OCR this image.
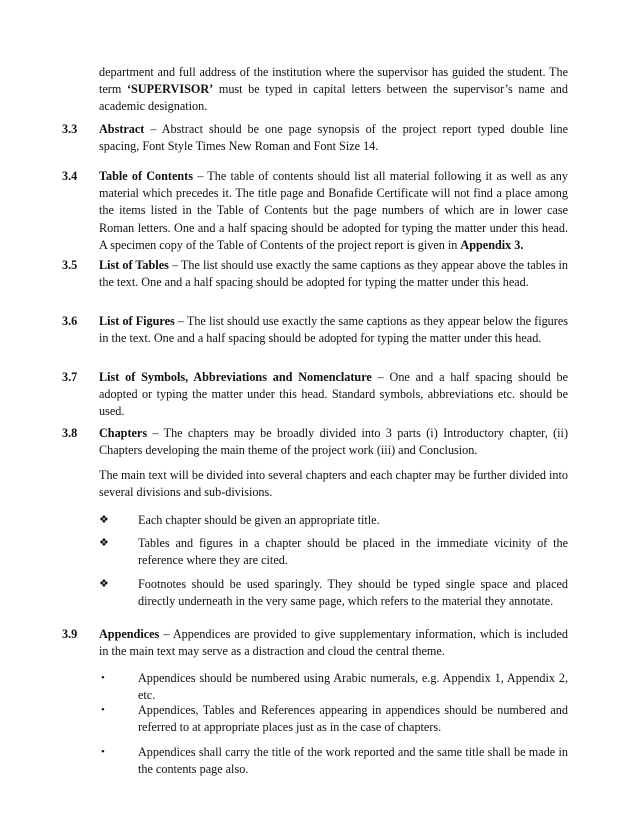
department and full address of the institution where the supervisor has guided the student. The term ‘SUPERVISOR’ must be typed in capital letters between the supervisor’s name and academic designation.
3.3 Abstract – Abstract should be one page synopsis of the project report typed double line spacing, Font Style Times New Roman and Font Size 14.
3.4 Table of Contents – The table of contents should list all material following it as well as any material which precedes it. The title page and Bonafide Certificate will not find a place among the items listed in the Table of Contents but the page numbers of which are in lower case Roman letters. One and a half spacing should be adopted for typing the matter under this head. A specimen copy of the Table of Contents of the project report is given in Appendix 3.
3.5 List of Tables – The list should use exactly the same captions as they appear above the tables in the text. One and a half spacing should be adopted for typing the matter under this head.
3.6 List of Figures – The list should use exactly the same captions as they appear below the figures in the text. One and a half spacing should be adopted for typing the matter under this head.
3.7 List of Symbols, Abbreviations and Nomenclature – One and a half spacing should be adopted or typing the matter under this head. Standard symbols, abbreviations etc. should be used.
3.8 Chapters – The chapters may be broadly divided into 3 parts (i) Introductory chapter, (ii) Chapters developing the main theme of the project work (iii) and Conclusion.
The main text will be divided into several chapters and each chapter may be further divided into several divisions and sub-divisions.
❖	Each chapter should be given an appropriate title.
❖	Tables and figures in a chapter should be placed in the immediate vicinity of the reference where they are cited.
❖	Footnotes should be used sparingly. They should be typed single space and placed directly underneath in the very same page, which refers to the material they annotate.
3.9 Appendices – Appendices are provided to give supplementary information, which is included in the main text may serve as a distraction and cloud the central theme.
•	Appendices should be numbered using Arabic numerals, e.g. Appendix 1, Appendix 2, etc.
•	Appendices, Tables and References appearing in appendices should be numbered and referred to at appropriate places just as in the case of chapters.
•	Appendices shall carry the title of the work reported and the same title shall be made in the contents page also.
